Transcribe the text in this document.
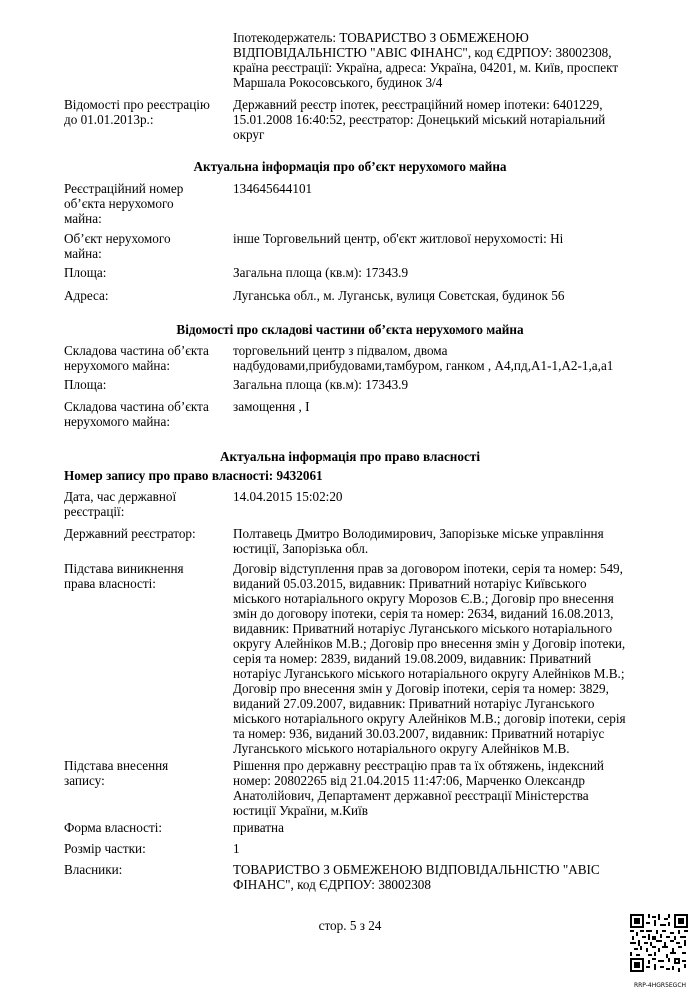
Іпотекодержатель: ТОВАРИСТВО З ОБМЕЖЕНОЮ
ВІДПОВІДАЛЬНІСТЮ "АВІС ФІНАНС", код ЄДРПОУ: 38002308,
країна реєстрації: Україна, адреса: Україна, 04201, м. Київ, проспект
Маршала Рокосовського, будинок 3/4
Відомості про реєстрацію
до 01.01.2013р.:
Державний реєстр іпотек, реєстраційний номер іпотеки: 6401229,
15.01.2008 16:40:52, реєстратор: Донецький міський нотаріальний
округ
Актуальна інформація про об’єкт нерухомого майна
Реєстраційний номер
об’єкта нерухомого
майна:
134645644101
Об’єкт нерухомого
майна:
інше Торговельний центр, об'єкт житлової нерухомості: Ні
Площа:	Загальна площа (кв.м): 17343.9
Адреса:	Луганська обл., м. Луганськ, вулиця Совєтская, будинок 56
Відомості про складові частини об’єкта нерухомого майна
Складова частина об’єкта
нерухомого майна:
торговельний центр з підвалом, двома
надбудовами,прибудовами,тамбуром, ганком , А4,пд,А1-1,А2-1,а,а1
Площа:	Загальна площа (кв.м): 17343.9
Складова частина об’єкта
нерухомого майна:
замощення , І
Актуальна інформація про право власності
Номер запису про право власності: 9432061
Дата, час державної
реєстрації:
14.04.2015 15:02:20
Державний реєстратор:	Полтавець Дмитро Володимирович, Запорізьке міське управління
юстиції, Запорізька обл.
Підстава виникнення
права власності:
Договір відступлення прав за договором іпотеки, серія та номер: 549,
виданий 05.03.2015, видавник: Приватний нотаріус Київського
міського нотаріального округу Морозов Є.В.; Договір про внесення
змін до договору іпотеки, серія та номер: 2634, виданий 16.08.2013,
видавник: Приватний нотаріус Луганського міського нотаріального
округу Алейніков М.В.; Договір про внесення змін у Договір іпотеки,
серія та номер: 2839, виданий 19.08.2009, видавник: Приватний
нотаріус Луганського міського нотаріального округу Алейніков М.В.;
Договір про внесення змін у Договір іпотеки, серія та номер: 3829,
виданий 27.09.2007, видавник: Приватний нотаріус Луганського
міського нотаріального округу Алейніков М.В.; договір іпотеки, серія
та номер: 936, виданий 30.03.2007, видавник: Приватний нотаріус
Луганського міського нотаріального округу Алейніков М.В.
Підстава внесення
запису:
Рішення про державну реєстрацію прав та їх обтяжень, індексний
номер: 20802265 від 21.04.2015 11:47:06, Марченко Олександр
Анатолійович, Департамент державної реєстрації Міністерства
юстиції України, м.Київ
Форма власності:	приватна
Розмір частки:	1
Власники:	ТОВАРИСТВО З ОБМЕЖЕНОЮ ВІДПОВІДАЛЬНІСТЮ "АВІС
ФІНАНС", код ЄДРПОУ: 38002308
стор. 5 з 24
RRP-4HGR5EGCH
